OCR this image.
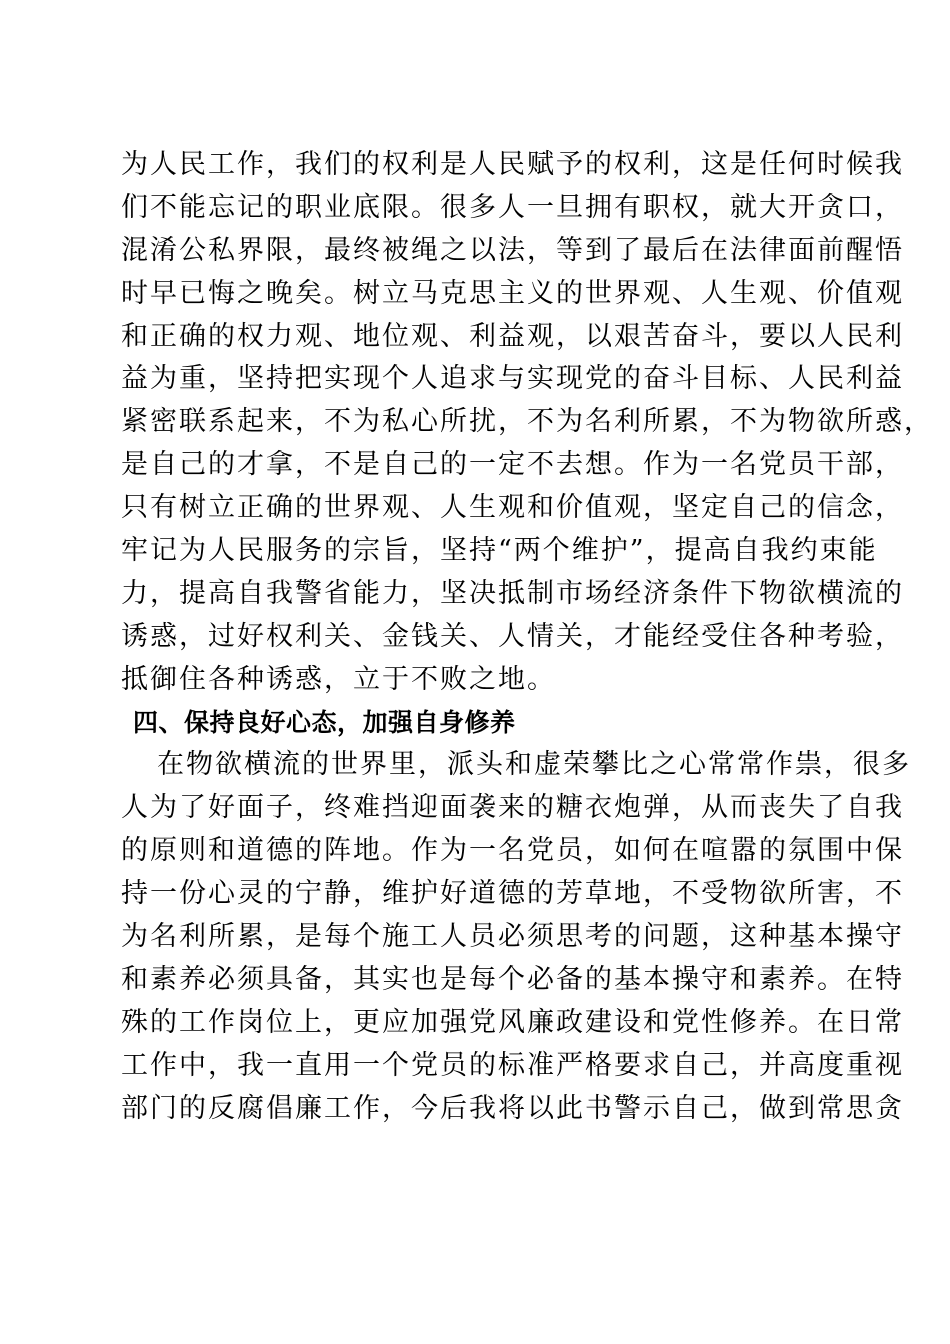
为人民工作，我们的权利是人民赋予的权利，这是任何时候我
们不能忘记的职业底限。很多人一旦拥有职权，就大开贪口，
混淆公私界限，最终被绳之以法，等到了最后在法律面前醒悟
时早已悔之晚矣。树立马克思主义的世界观、人生观、价值观
和正确的权力观、地位观、利益观，以艰苦奋斗，要以人民利
益为重，坚持把实现个人追求与实现党的奋斗目标、人民利益
紧密联系起来，不为私心所扰，不为名利所累，不为物欲所惑，
是自己的才拿，不是自己的一定不去想。作为一名党员干部，
只有树立正确的世界观、人生观和价值观，坚定自己的信念，
牢记为人民服务的宗旨，坚持“两个维护”，提高自我约束能
力，提高自我警省能力，坚决抵制市场经济条件下物欲横流的
诱惑，过好权利关、金钱关、人情关，才能经受住各种考验，
抵御住各种诱惑，立于不败之地。
四、保持良好心态，加强自身修养
在物欲横流的世界里，派头和虚荣攀比之心常常作祟，很多
人为了好面子，终难挡迎面袭来的糖衣炮弹，从而丧失了自我
的原则和道德的阵地。作为一名党员，如何在喧嚣的氛围中保
持一份心灵的宁静，维护好道德的芳草地，不受物欲所害，不
为名利所累，是每个施工人员必须思考的问题，这种基本操守
和素养必须具备，其实也是每个必备的基本操守和素养。在特
殊的工作岗位上，更应加强党风廉政建设和党性修养。在日常
工作中，我一直用一个党员的标准严格要求自己，并高度重视
部门的反腐倡廉工作，今后我将以此书警示自己，做到常思贪
